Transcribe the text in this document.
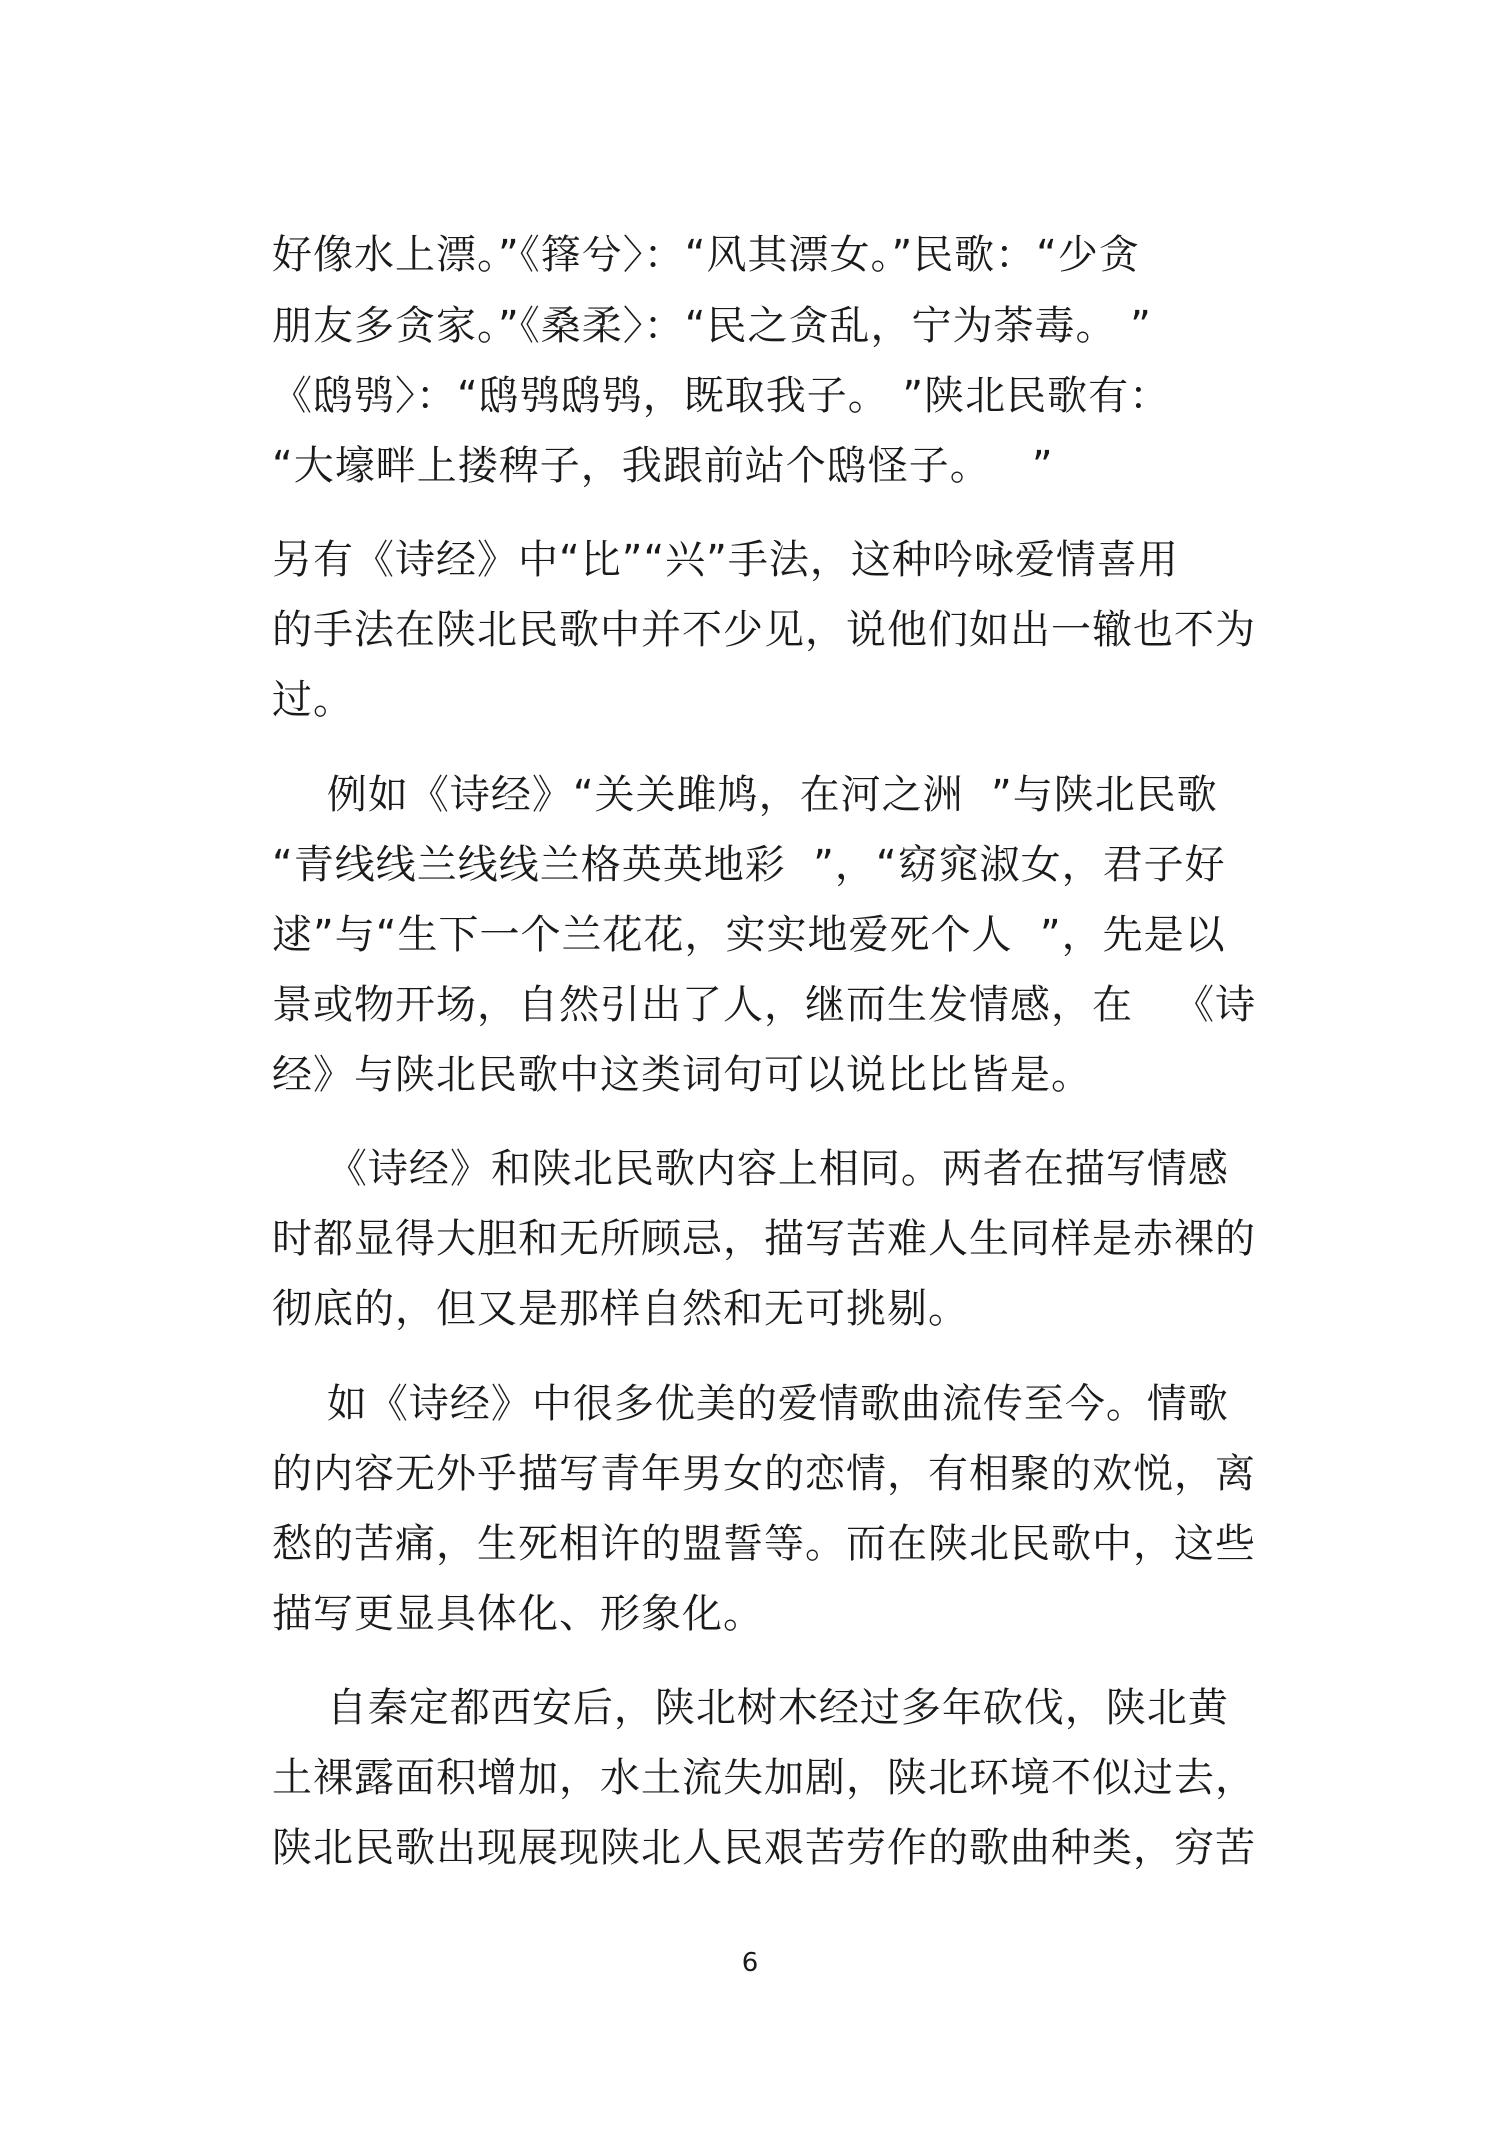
好像水上漂。”《箨兮〉：“风其漂女。”民歌：“少贪
朋友多贪家。”《桑柔〉：“民之贪乱，宁为荼毒。 ”
《鸱鸮〉：“鸱鸮鸱鸮，既取我子。 ”陕北民歌有：
“大壕畔上搂稗子，我跟前站个鸱怪子。   ”
另有《诗经》中“比”“兴”手法，这种吟咏爱情喜用
的手法在陕北民歌中并不少见，说他们如出一辙也不为
过。
例如《诗经》“关关雎鸠，在河之洲  ”与陕北民歌
“青线线兰线线兰格英英地彩  ”，“窈窕淑女，君子好
逑”与“生下一个兰花花，实实地爱死个人  ”，先是以
景或物开场，自然引出了人，继而生发情感，在   《诗
经》与陕北民歌中这类词句可以说比比皆是。
《诗经》和陕北民歌内容上相同。两者在描写情感
时都显得大胆和无所顾忌，描写苦难人生同样是赤裸的
彻底的，但又是那样自然和无可挑剔。
如《诗经》中很多优美的爱情歌曲流传至今。情歌
的内容无外乎描写青年男女的恋情，有相聚的欢悦，离
愁的苦痛，生死相许的盟誓等。而在陕北民歌中，这些
描写更显具体化、形象化。
自秦定都西安后，陕北树木经过多年砍伐，陕北黄
土裸露面积增加，水土流失加剧，陕北环境不似过去，
陕北民歌出现展现陕北人民艰苦劳作的歌曲种类，穷苦
6
